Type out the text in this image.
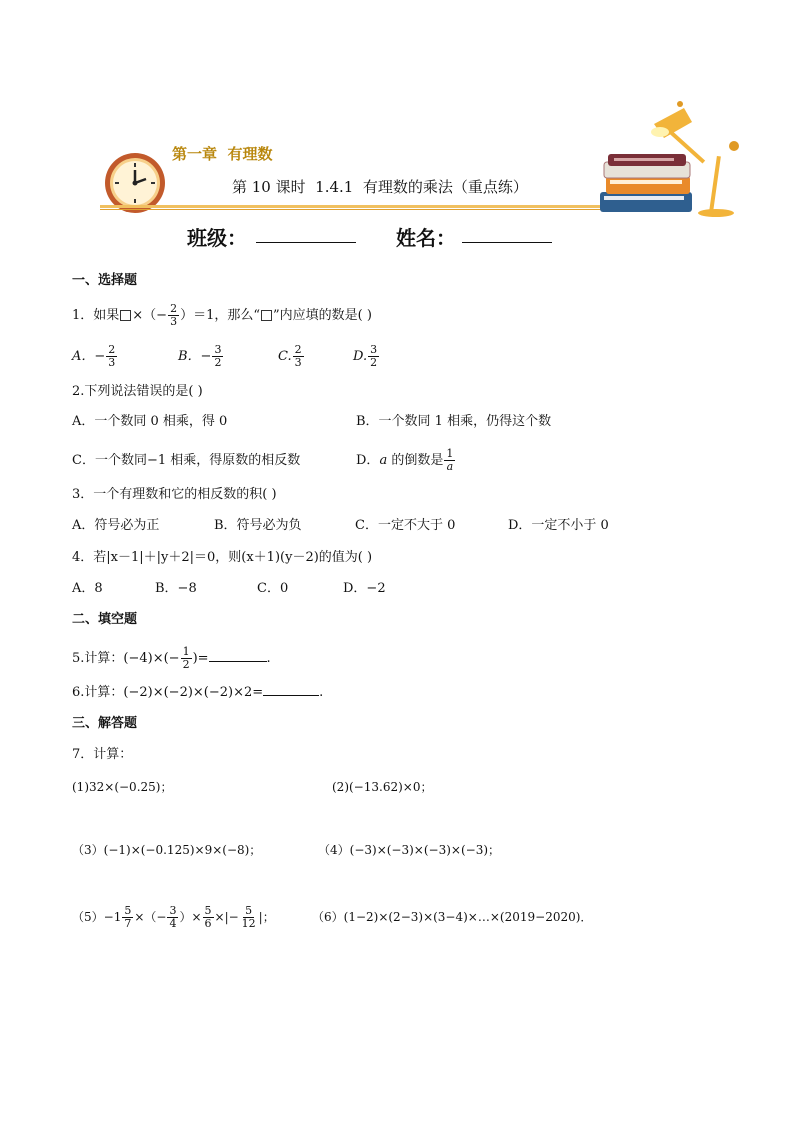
第一章  有理数
第 10 课时  1.4.1  有理数的乘法（重点练）
班级：	姓名：
一、选择题
1．如果 ×（− $\frac{2}{3} )=1$，那么“ ”内应填的数是( )
A．− $\frac{2}{3}$	B．− $\frac{3}{2}$	C. $\frac{2}{3}$	D. $\frac{3}{2}$
2.下列说法错误的是( )
A．一个数同 0 相乘，得 0	B．一个数同 1 相乘，仍得这个数
C．一个数同−1 相乘，得原数的相反数	D．a 的倒数是 $\frac{1}{a}$
3．一个有理数和它的相反数的积( )
A．符号必为正	B．符号必为负	C．一定不大于 0	D．一定不小于 0
4．若|x－1|＋|y＋2|＝0，则(x＋1)(y－2)的值为( )
A．8	B．−8	C．0	D．−2
二、填空题
5.计算：$(-4)\times(- \frac{1}{2}$ )=	.
6.计算：(−2)×(−2)×(−2)×2=	.
三、解答题
7．计算：
(1)32×(−0.25)；	(2)(−13.62)×0；
（3）(−1)×(−0.125)×9×(−8)；	（4）(−3)×(−3)×(−3)×(−3)；
$(5)-1 \frac{5}{7}$ ×（− $\frac{3}{4}$ ）× $\frac{5}{6}$ ×|− $\frac{5}{12}$ |；	（6）(1−2)×(2−3)×(3−4)×…×(2019−2020)．
